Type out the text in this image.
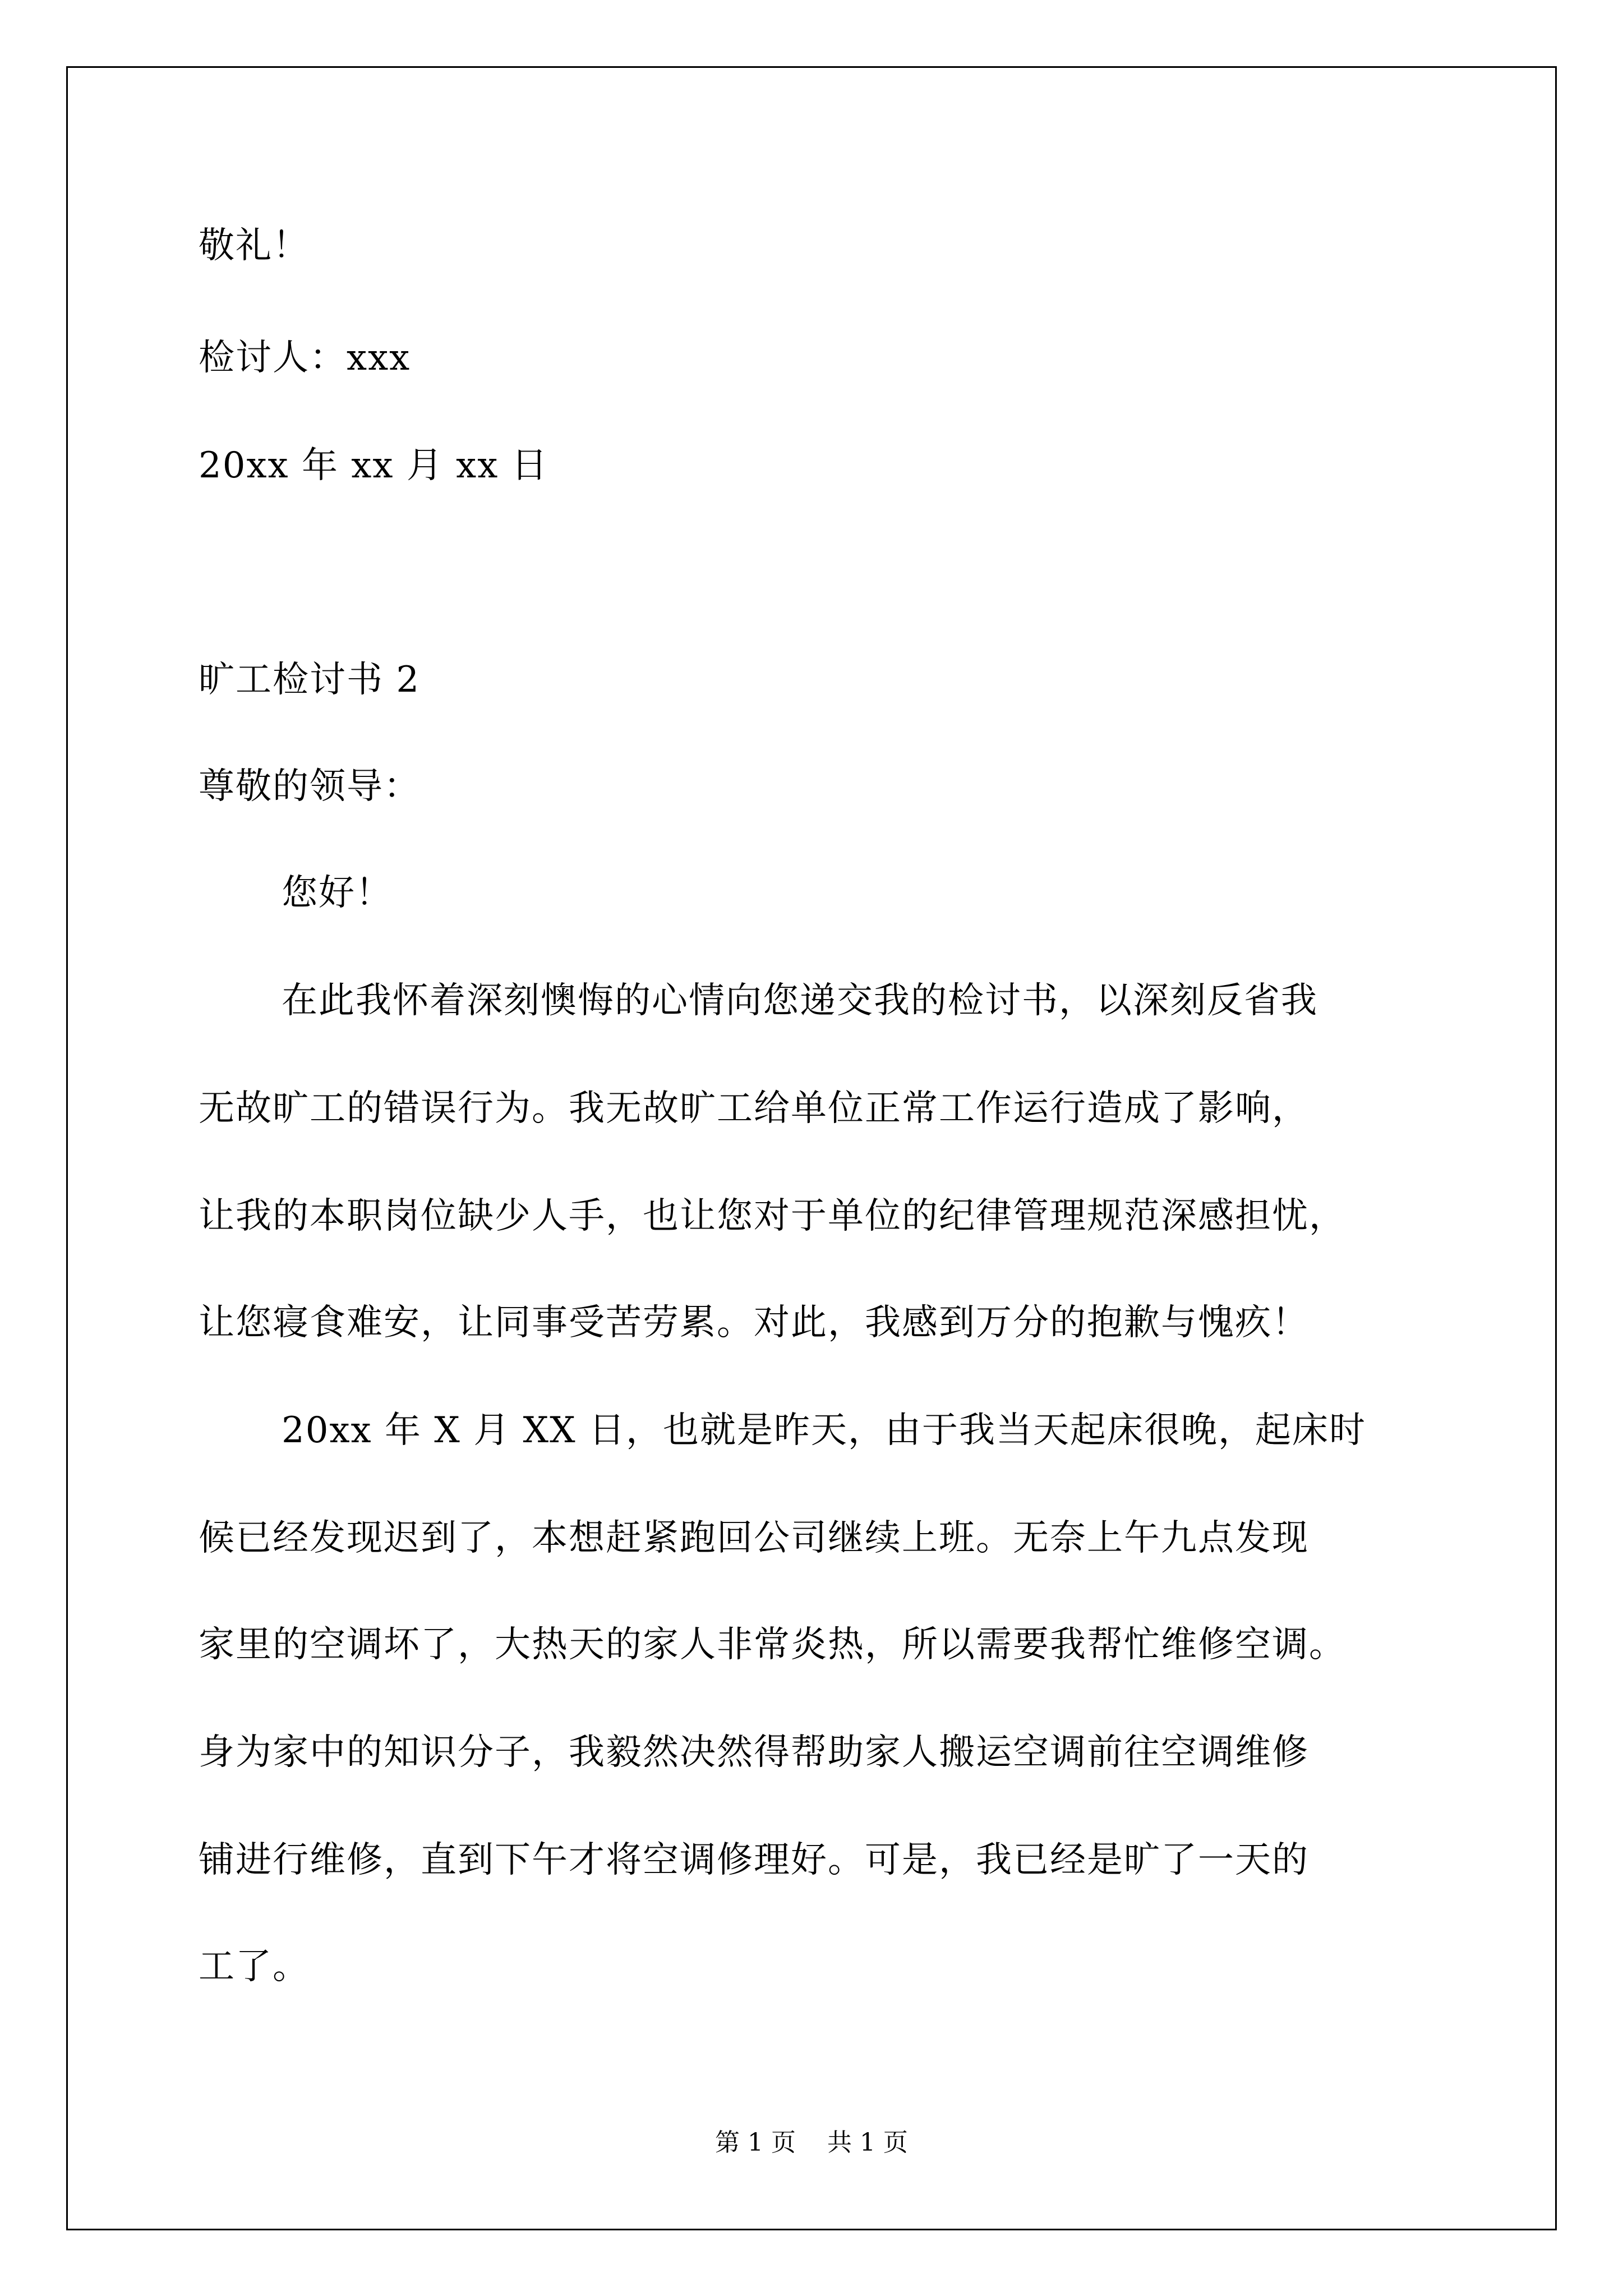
敬礼！
检讨人：xxx
20xx 年 xx 月 xx 日
旷工检讨书 2
尊敬的领导：
您好！
在此我怀着深刻懊悔的心情向您递交我的检讨书，以深刻反省我
无故旷工的错误行为。我无故旷工给单位正常工作运行造成了影响，
让我的本职岗位缺少人手，也让您对于单位的纪律管理规范深感担忧，
让您寝食难安，让同事受苦劳累。对此，我感到万分的抱歉与愧疚！
20xx 年 X 月 XX 日，也就是昨天，由于我当天起床很晚，起床时
候已经发现迟到了，本想赶紧跑回公司继续上班。无奈上午九点发现
家里的空调坏了，大热天的家人非常炎热，所以需要我帮忙维修空调。
身为家中的知识分子，我毅然决然得帮助家人搬运空调前往空调维修
铺进行维修，直到下午才将空调修理好。可是，我已经是旷了一天的
工了。
第 1 页    共 1 页
